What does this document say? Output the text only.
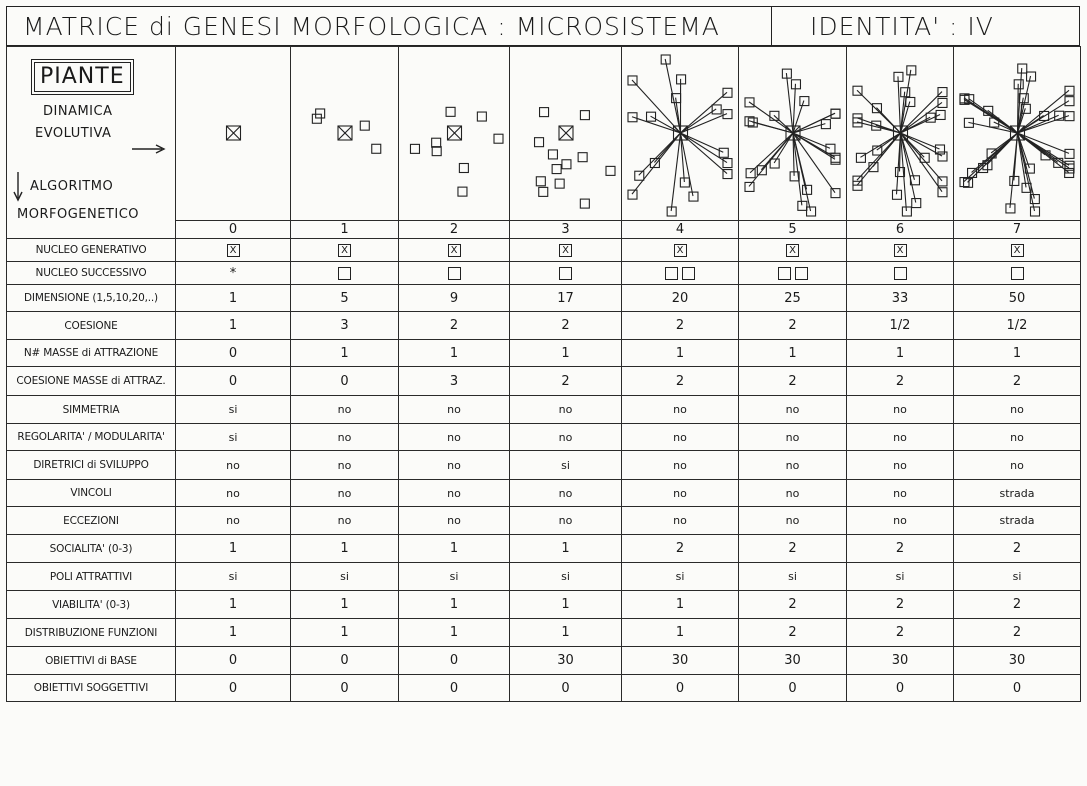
MATRICE di GENESI MORFOLOGICA : MICROSISTEMA	IDENTITA' : IV
PIANTE
DINAMICA
EVOLUTIVA
ALGORITMO
MORFOGENETICO

	0	1	2	3	4	5	6	7
NUCLEO GENERATIVO	X	X	X	X	X	X	X	X
NUCLEO SUCCESSIVO	*							
DIMENSIONE (1,5,10,20,..)	1	5	9	17	20	25	33	50
COESIONE	1	3	2	2	2	2	1/2	1/2
N# MASSE di ATTRAZIONE	0	1	1	1	1	1	1	1
COESIONE MASSE di ATTRAZ.	0	0	3	2	2	2	2	2
SIMMETRIA	si	no	no	no	no	no	no	no
REGOLARITA' / MODULARITA'	si	no	no	no	no	no	no	no
DIRETRICI di SVILUPPO	no	no	no	si	no	no	no	no
VINCOLI	no	no	no	no	no	no	no	strada
ECCEZIONI	no	no	no	no	no	no	no	strada
SOCIALITA' (0-3)	1	1	1	1	2	2	2	2
POLI ATTRATTIVI	si	si	si	si	si	si	si	si
VIABILITA' (0-3)	1	1	1	1	1	2	2	2
DISTRIBUZIONE FUNZIONI	1	1	1	1	1	2	2	2
OBIETTIVI di BASE	0	0	0	30	30	30	30	30
OBIETTIVI SOGGETTIVI	0	0	0	0	0	0	0	0
